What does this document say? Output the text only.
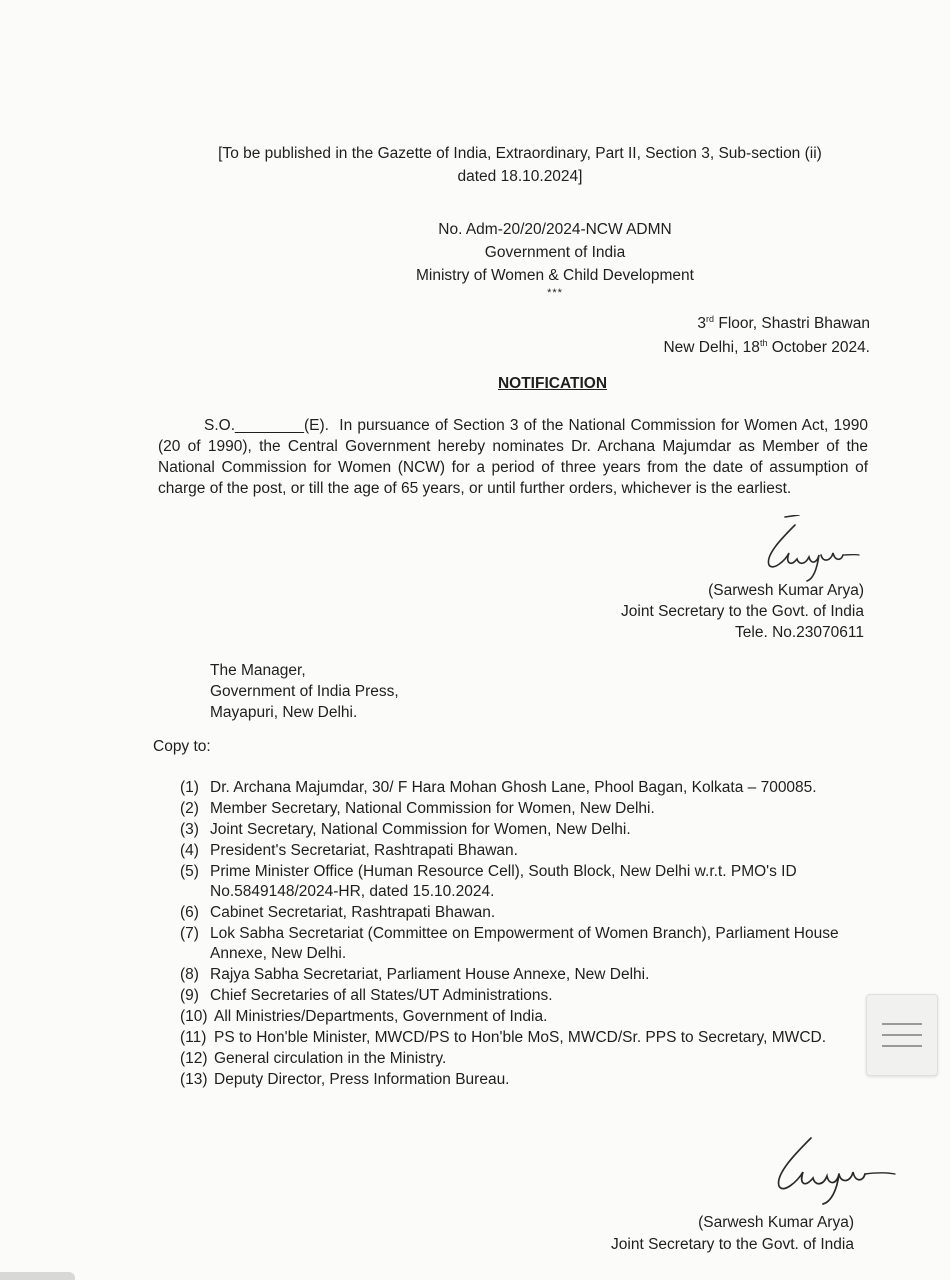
[To be published in the Gazette of India, Extraordinary, Part II, Section 3, Sub-section (ii)
dated 18.10.2024]
No. Adm-20/20/2024-NCW ADMN
Government of India
Ministry of Women & Child Development
***
3rd Floor, Shastri Bhawan
New Delhi, 18th October 2024.
NOTIFICATION

S.O.________(E). In pursuance of Section 3 of the National Commission for Women Act, 1990 (20 of 1990), the Central Government hereby nominates Dr. Archana Majumdar as Member of the National Commission for Women (NCW) for a period of three years from the date of assumption of charge of the post, or till the age of 65 years, or until further orders, whichever is the earliest.

(Sarwesh Kumar Arya)
Joint Secretary to the Govt. of India
Tele. No.23070611
The Manager,
Government of India Press,
Mayapuri, New Delhi.
Copy to:
(1) Dr. Archana Majumdar, 30/ F Hara Mohan Ghosh Lane, Phool Bagan, Kolkata – 700085.
(2) Member Secretary, National Commission for Women, New Delhi.
(3) Joint Secretary, National Commission for Women, New Delhi.
(4) President's Secretariat, Rashtrapati Bhawan.
(5) Prime Minister Office (Human Resource Cell), South Block, New Delhi w.r.t. PMO's ID No.5849148/2024-HR, dated 15.10.2024.
(6) Cabinet Secretariat, Rashtrapati Bhawan.
(7) Lok Sabha Secretariat (Committee on Empowerment of Women Branch), Parliament House Annexe, New Delhi.
(8) Rajya Sabha Secretariat, Parliament House Annexe, New Delhi.
(9) Chief Secretaries of all States/UT Administrations.
(10) All Ministries/Departments, Government of India.
(11) PS to Hon'ble Minister, MWCD/PS to Hon'ble MoS, MWCD/Sr. PPS to Secretary, MWCD.
(12) General circulation in the Ministry.
(13) Deputy Director, Press Information Bureau.
(Sarwesh Kumar Arya)
Joint Secretary to the Govt. of India
